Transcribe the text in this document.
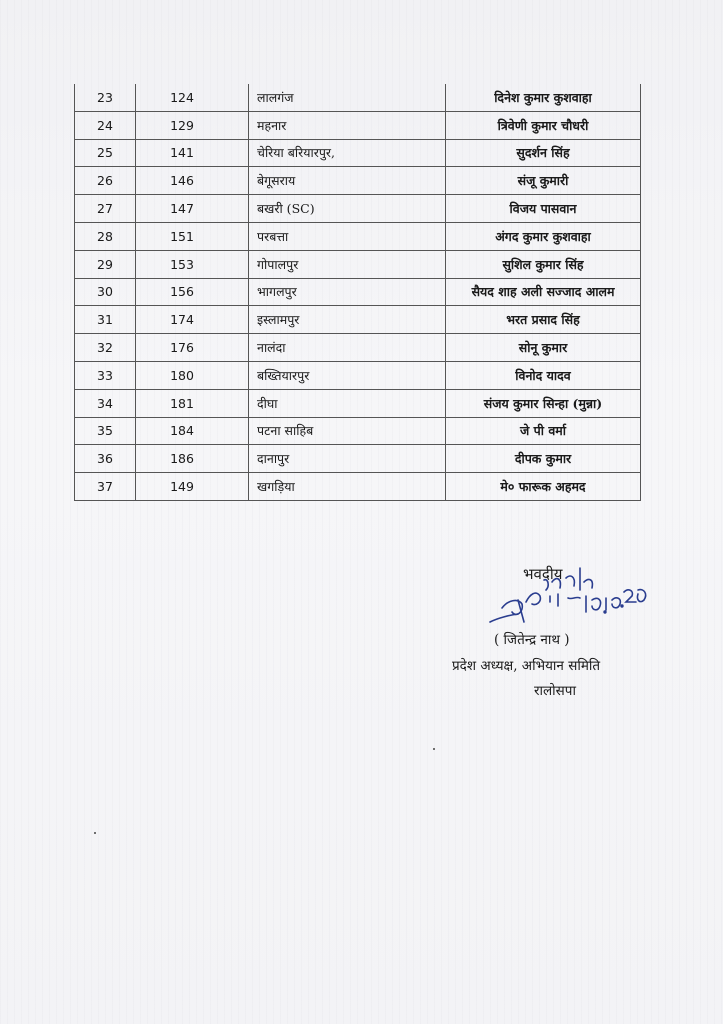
23	124	लालगंज	दिनेश कुमार कुशवाहा
24	129	महनार	त्रिवेणी कुमार चौधरी
25	141	चेरिया बरियारपुर,	सुदर्शन सिंह
26	146	बेगूसराय	संजू कुमारी
27	147	बखरी (SC)	विजय पासवान
28	151	परबत्ता	अंगद कुमार कुशवाहा
29	153	गोपालपुर	सुशिल कुमार सिंह
30	156	भागलपुर	सैयद शाह अली सज्जाद आलम
31	174	इस्लामपुर	भरत प्रसाद सिंह
32	176	नालंदा	सोनू कुमार
33	180	बख्तियारपुर	विनोद यादव
34	181	दीघा	संजय कुमार सिन्हा (मुन्ना)
35	184	पटना साहिब	जे पी वर्मा
36	186	दानापुर	दीपक कुमार
37	149	खगड़िया	मे० फारूक अहमद
भवदीय
( जितेन्द्र नाथ )
प्रदेश अध्यक्ष, अभियान समिति
रालोसपा
